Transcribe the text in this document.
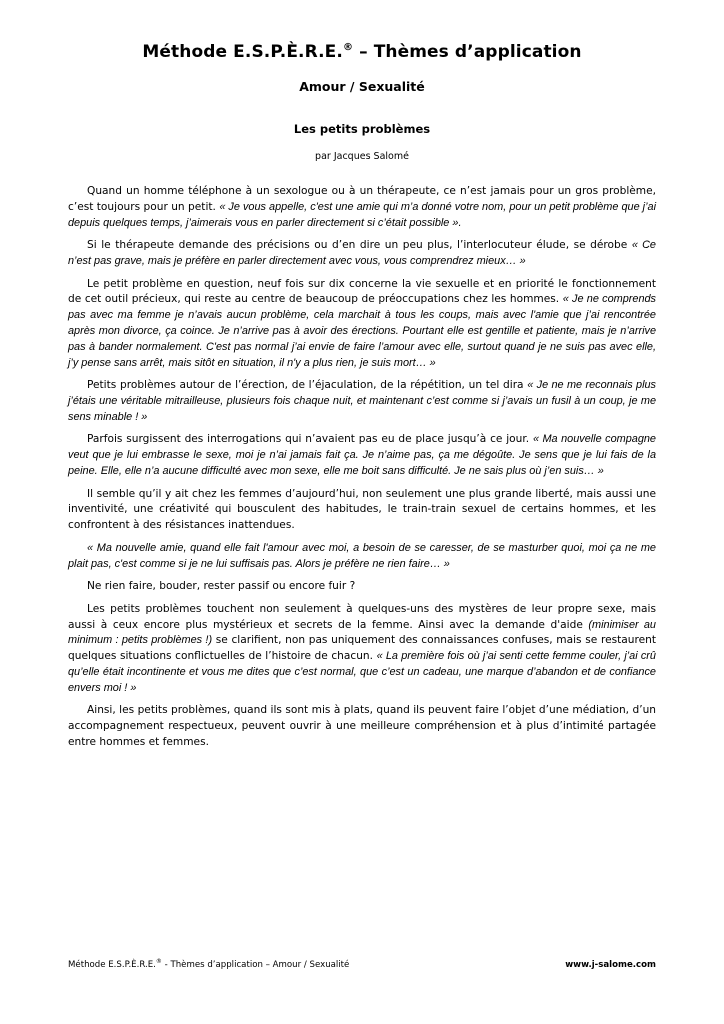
Méthode E.S.P.È.R.E.® – Thèmes d’application
Amour / Sexualité
Les petits problèmes
par Jacques Salomé

Quand un homme téléphone à un sexologue ou à un thérapeute, ce n’est jamais pour un gros problème, c’est toujours pour un petit. « Je vous appelle, c'est une amie qui m’a donné votre nom, pour un petit problème que j’ai depuis quelques temps, j’aimerais vous en parler directement si c’était possible ».

Si le thérapeute demande des précisions ou d’en dire un peu plus, l’interlocuteur élude, se dérobe « Ce n’est pas grave, mais je préfère en parler directement avec vous, vous comprendrez mieux… »

Le petit problème en question, neuf fois sur dix concerne la vie sexuelle et en priorité le fonctionnement de cet outil précieux, qui reste au centre de beaucoup de préoccupations chez les hommes. « Je ne comprends pas avec ma femme je n’avais aucun problème, cela marchait à tous les coups, mais avec l'amie que j’ai rencontrée après mon divorce, ça coince. Je n’arrive pas à avoir des érections. Pourtant elle est gentille et patiente, mais je n’arrive pas à bander normalement. C'est pas normal j’ai envie de faire l’amour avec elle, surtout quand je ne suis pas avec elle, j’y pense sans arrêt, mais sitôt en situation, il n'y a plus rien, je suis mort… »

Petits problèmes autour de l’érection, de l’éjaculation, de la répétition, un tel dira « Je ne me reconnais plus j’étais une véritable mitrailleuse, plusieurs fois chaque nuit, et maintenant c’est comme si j’avais un fusil à un coup, je me sens minable ! »

Parfois surgissent des interrogations qui n’avaient pas eu de place jusqu’à ce jour. « Ma nouvelle compagne veut que je lui embrasse le sexe, moi je n’ai jamais fait ça. Je n’aime pas, ça me dégoûte. Je sens que je lui fais de la peine. Elle, elle n’a aucune difficulté avec mon sexe, elle me boit sans difficulté. Je ne sais plus où j’en suis… »

Il semble qu’il y ait chez les femmes d’aujourd’hui, non seulement une plus grande liberté, mais aussi une inventivité, une créativité qui bousculent des habitudes, le train-train sexuel de certains hommes, et les confrontent à des résistances inattendues.

« Ma nouvelle amie, quand elle fait l'amour avec moi, a besoin de se caresser, de se masturber quoi, moi ça ne me plait pas, c'est comme si je ne lui suffisais pas. Alors je préfère ne rien faire… »

Ne rien faire, bouder, rester passif ou encore fuir ?

Les petits problèmes touchent non seulement à quelques-uns des mystères de leur propre sexe, mais aussi à ceux encore plus mystérieux et secrets de la femme. Ainsi avec la demande d'aide (minimiser au minimum : petits problèmes !) se clarifient, non pas uniquement des connaissances confuses, mais se restaurent quelques situations conflictuelles de l’histoire de chacun. « La première fois où j’ai senti cette femme couler, j’ai crû qu’elle était incontinente et vous me dites que c’est normal, que c’est un cadeau, une marque d’abandon et de confiance envers moi ! »

Ainsi, les petits problèmes, quand ils sont mis à plats, quand ils peuvent faire l’objet d’une médiation, d’un accompagnement respectueux, peuvent ouvrir à une meilleure compréhension et à plus d’intimité partagée entre hommes et femmes.

Méthode E.S.P.È.R.E.® - Thèmes d’application – Amour / Sexualité	www.j-salome.com
